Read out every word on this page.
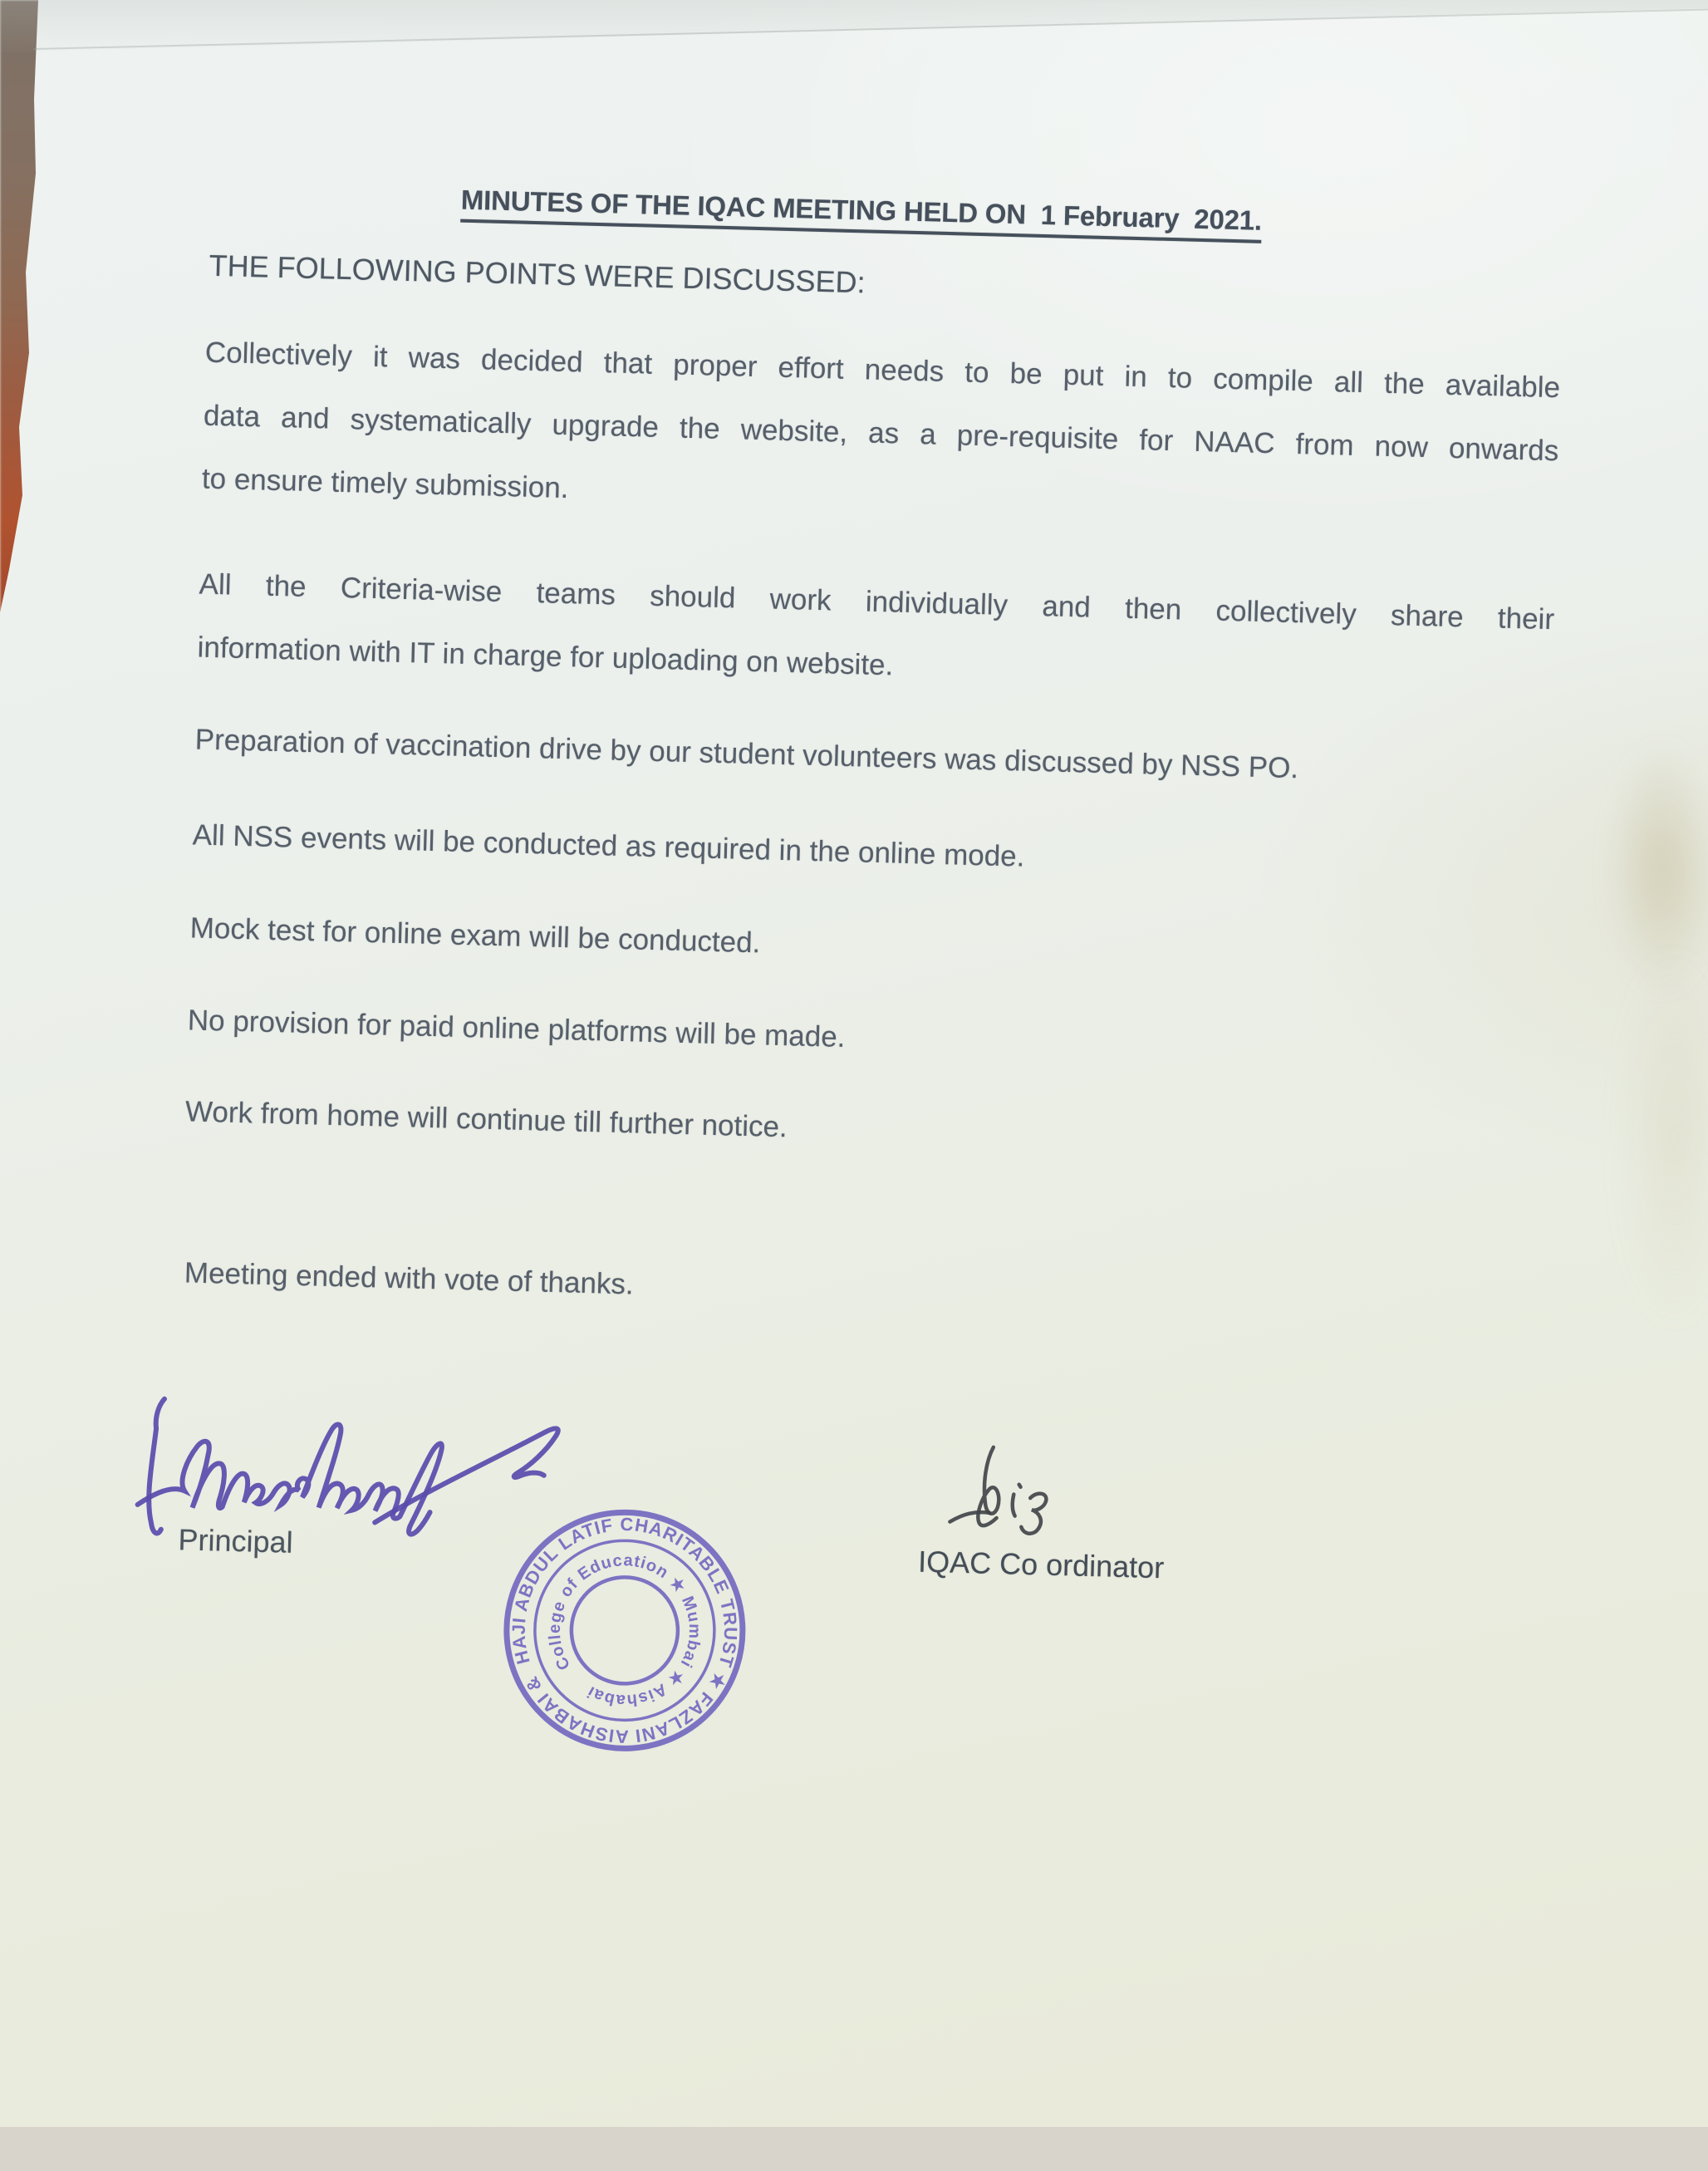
MINUTES OF THE IQAC MEETING HELD ON  1 February  2021.
THE FOLLOWING POINTS WERE DISCUSSED:
Collectively it was decided that proper effort needs to be put in to compile all the available
data and systematically upgrade the website, as a pre-requisite for NAAC from now onwards
to ensure timely submission.
All the Criteria-wise teams should work individually and then collectively share their
information with IT in charge for uploading on website.
Preparation of vaccination drive by our student volunteers was discussed by NSS PO.
All NSS events will be conducted as required in the online mode.
Mock test for online exam will be conducted.
No provision for paid online platforms will be made.
Work from home will continue till further notice.
Meeting ended with vote of thanks.
Principal
HAJI ABDUL LATIF CHARITABLE TRUST ★ FAZLANI AISHABAI &
College of Education ★ Mumbai ★ Aishabai
IQAC Co ordinator
